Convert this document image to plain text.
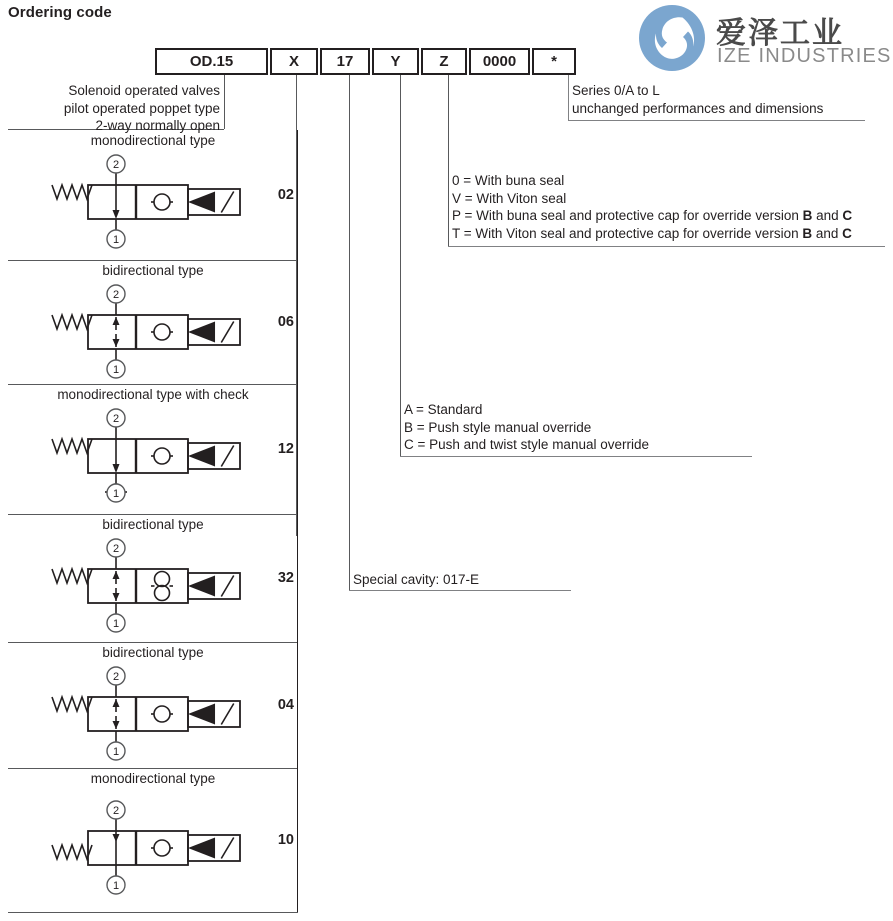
Ordering code
爱泽工业
IZE INDUSTRIES
OD.15	X	17	Y	Z	0000	*
Solenoid operated valves
pilot operated poppet type
2-way normally open
Series 0/A to L
unchanged performances and dimensions
0 = With buna seal
V = With Viton seal
P = With buna seal and protective cap for override version B and C
T = With Viton seal and protective cap for override version B and C
A = Standard
B = Push style manual override
C = Push and twist style manual override
Special cavity: 017-E
monodirectional type
2
1
02
bidirectional type
2
1
06
monodirectional type with check
2
1
12
bidirectional type
2
1
32
bidirectional type
2
1
04
monodirectional type
2
1
10
